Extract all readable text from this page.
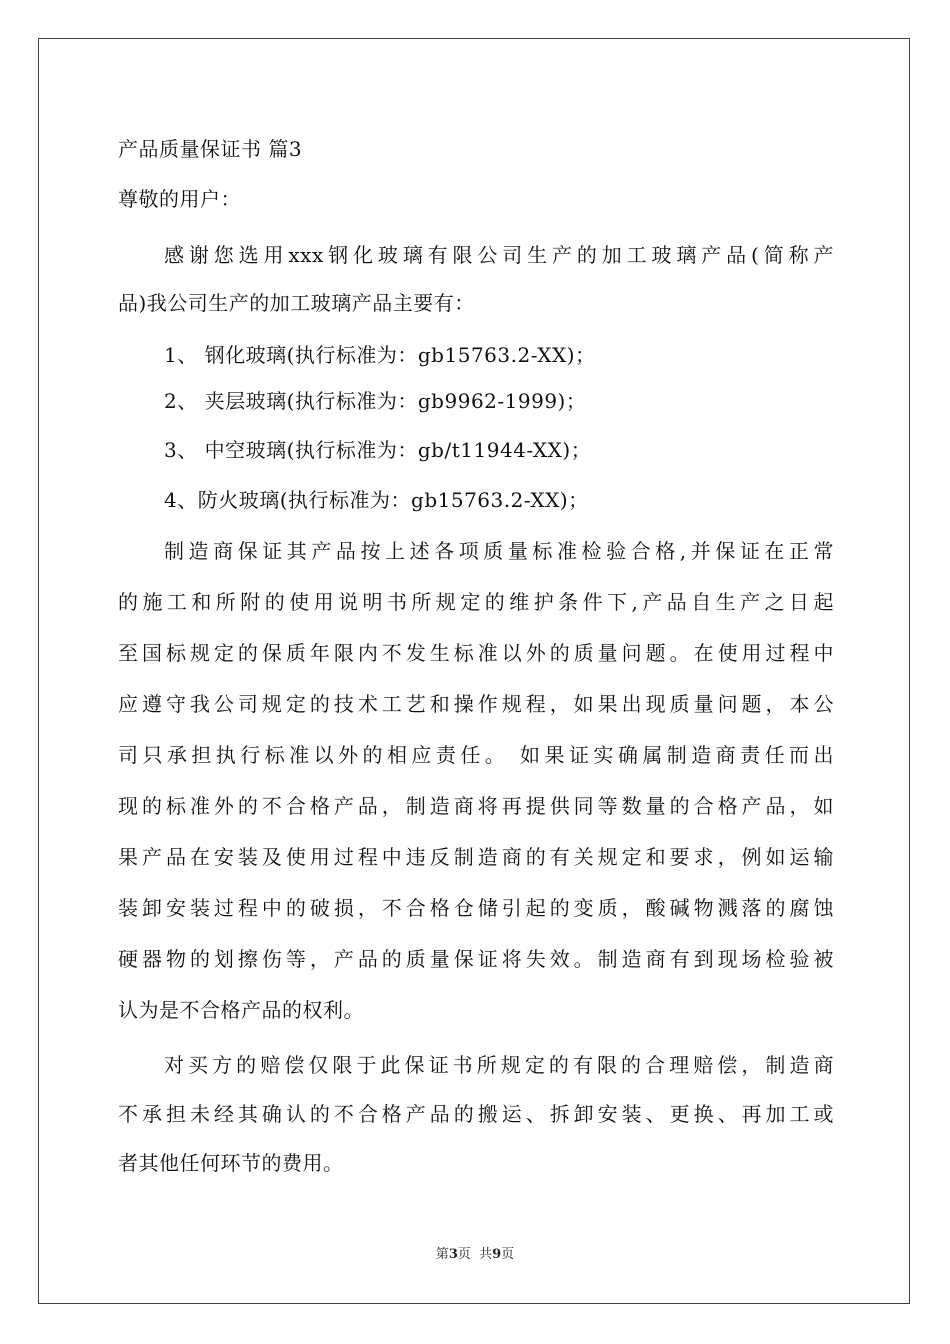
产品质量保证书 篇3
尊敬的用户：
感谢您选用xxx钢化玻璃有限公司生产的加工玻璃产品(简称产
品)我公司生产的加工玻璃产品主要有：
1、 钢化玻璃(执行标准为：gb15763.2-XX)；
2、 夹层玻璃(执行标准为：gb9962-1999)；
3、 中空玻璃(执行标准为：gb/t11944-XX)；
4、防火玻璃(执行标准为：gb15763.2-XX)；
制造商保证其产品按上述各项质量标准检验合格,并保证在正常
的施工和所附的使用说明书所规定的维护条件下,产品自生产之日起
至国标规定的保质年限内不发生标准以外的质量问题。在使用过程中
应遵守我公司规定的技术工艺和操作规程，如果出现质量问题，本公
司只承担执行标准以外的相应责任。 如果证实确属制造商责任而出
现的标准外的不合格产品，制造商将再提供同等数量的合格产品，如
果产品在安装及使用过程中违反制造商的有关规定和要求，例如运输
装卸安装过程中的破损，不合格仓储引起的变质，酸碱物溅落的腐蚀
硬器物的划擦伤等，产品的质量保证将失效。制造商有到现场检验被
认为是不合格产品的权利。
对买方的赔偿仅限于此保证书所规定的有限的合理赔偿，制造商
不承担未经其确认的不合格产品的搬运、拆卸安装、更换、再加工或
者其他任何环节的费用。
第3页  共9页
